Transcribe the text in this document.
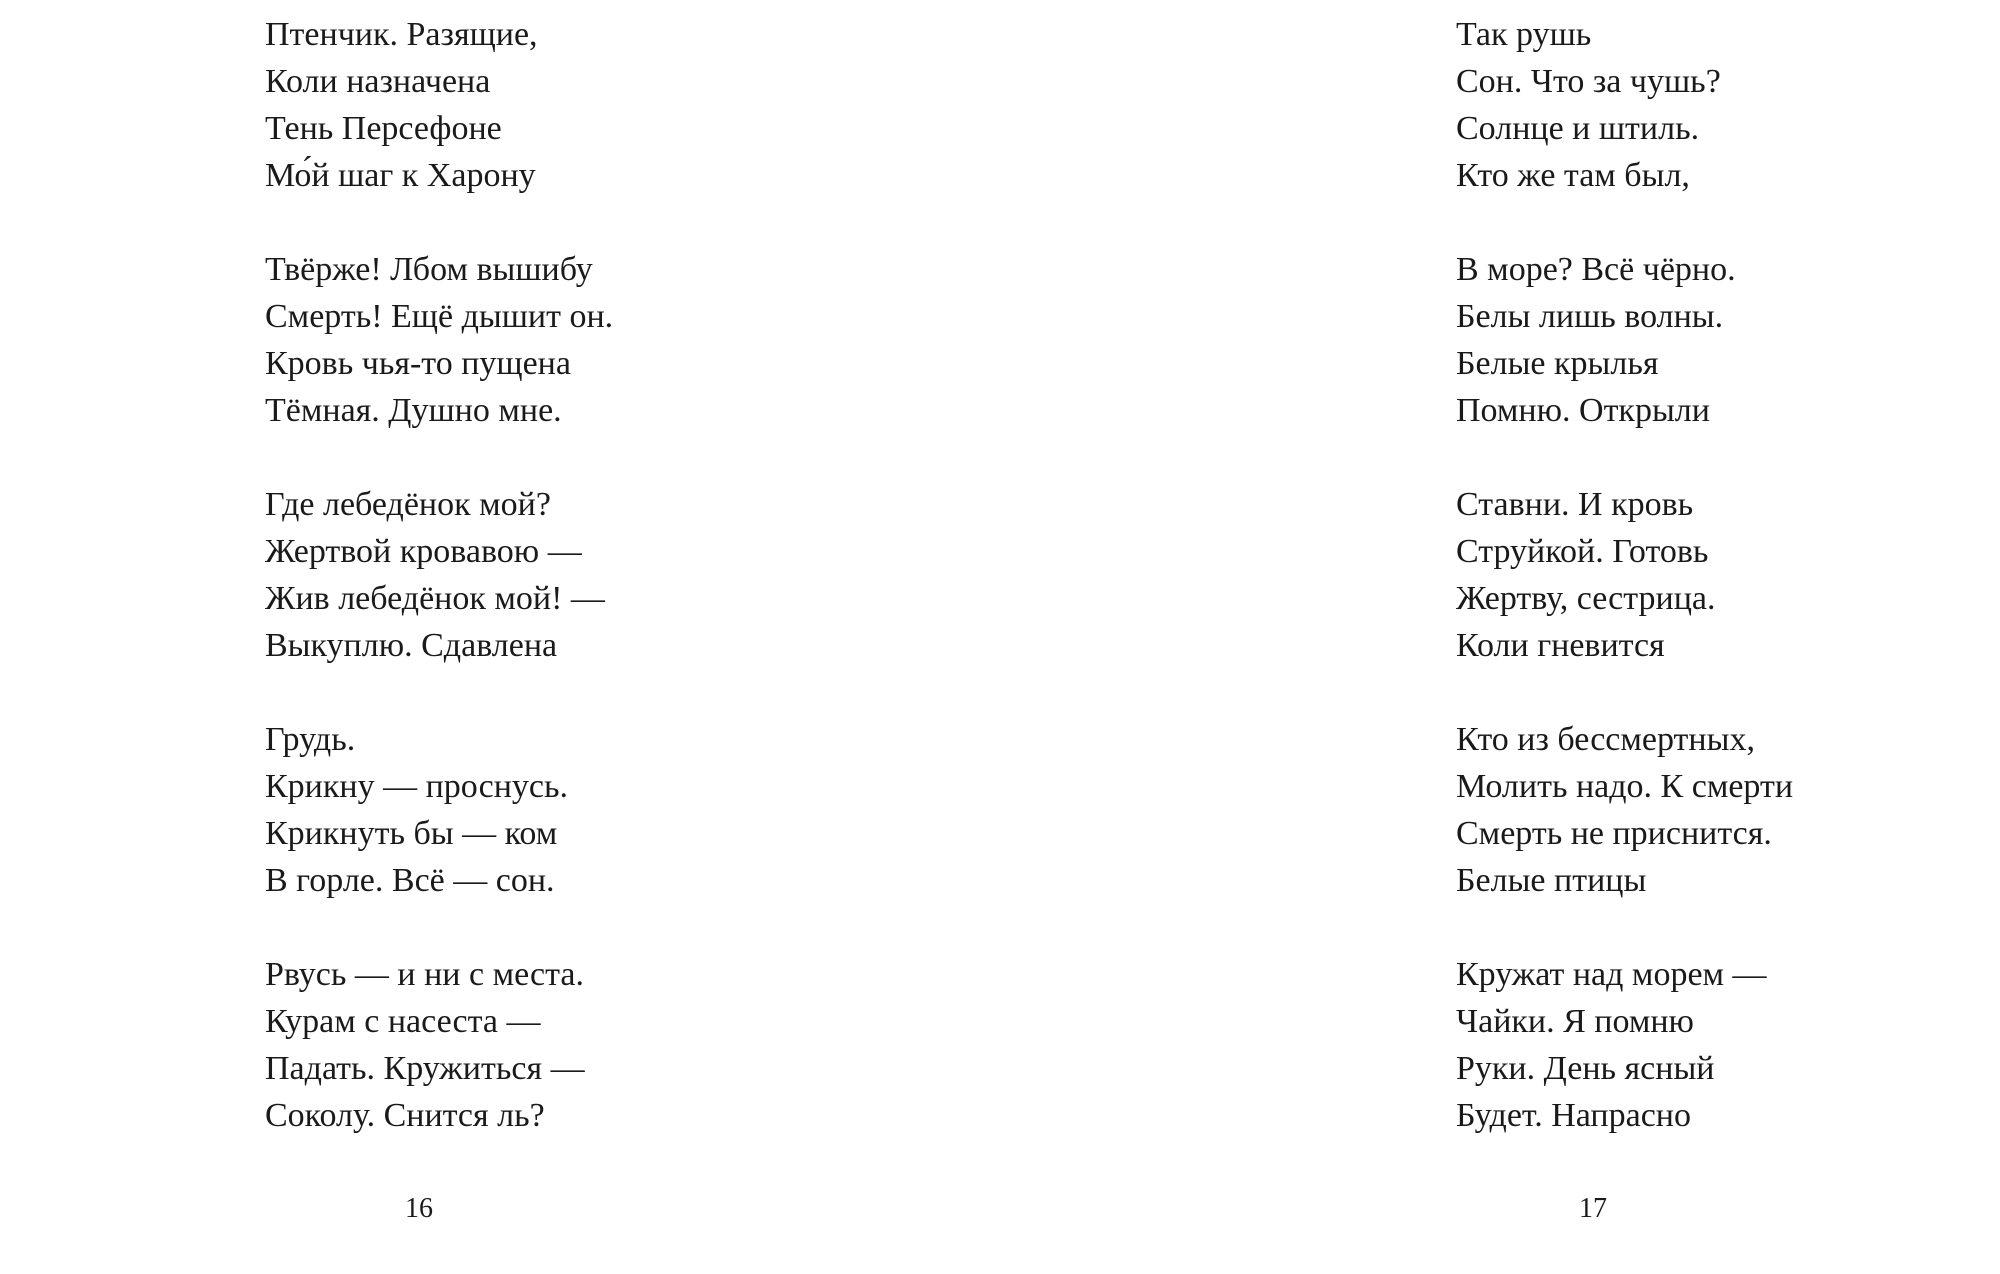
Птенчик. Разящие,
Коли назначена
Тень Персефоне
Мо́й шаг к Харону
Твёрже! Лбом вышибу
Смерть! Ещё дышит он.
Кровь чья-то пущена
Тёмная. Душно мне.
Где лебедёнок мой?
Жертвой кровавою —
Жив лебедёнок мой! —
Выкуплю. Сдавлена
Грудь.
Крикну — проснусь.
Крикнуть бы — ком
В горле. Всё — сон.
Рвусь — и ни с места.
Курам с насеста —
Падать. Кружиться —
Соколу. Снится ль?
16
Так рушь
Сон. Что за чушь?
Солнце и штиль.
Кто же там был,
В море? Всё чёрно.
Белы лишь волны.
Белые крылья
Помню. Открыли
Ставни. И кровь
Струйкой. Готовь
Жертву, сестрица.
Коли гневится
Кто из бессмертных,
Молить надо. К смерти
Смерть не приснится.
Белые птицы
Кружат над морем —
Чайки. Я помню
Руки. День ясный
Будет. Напрасно
17
